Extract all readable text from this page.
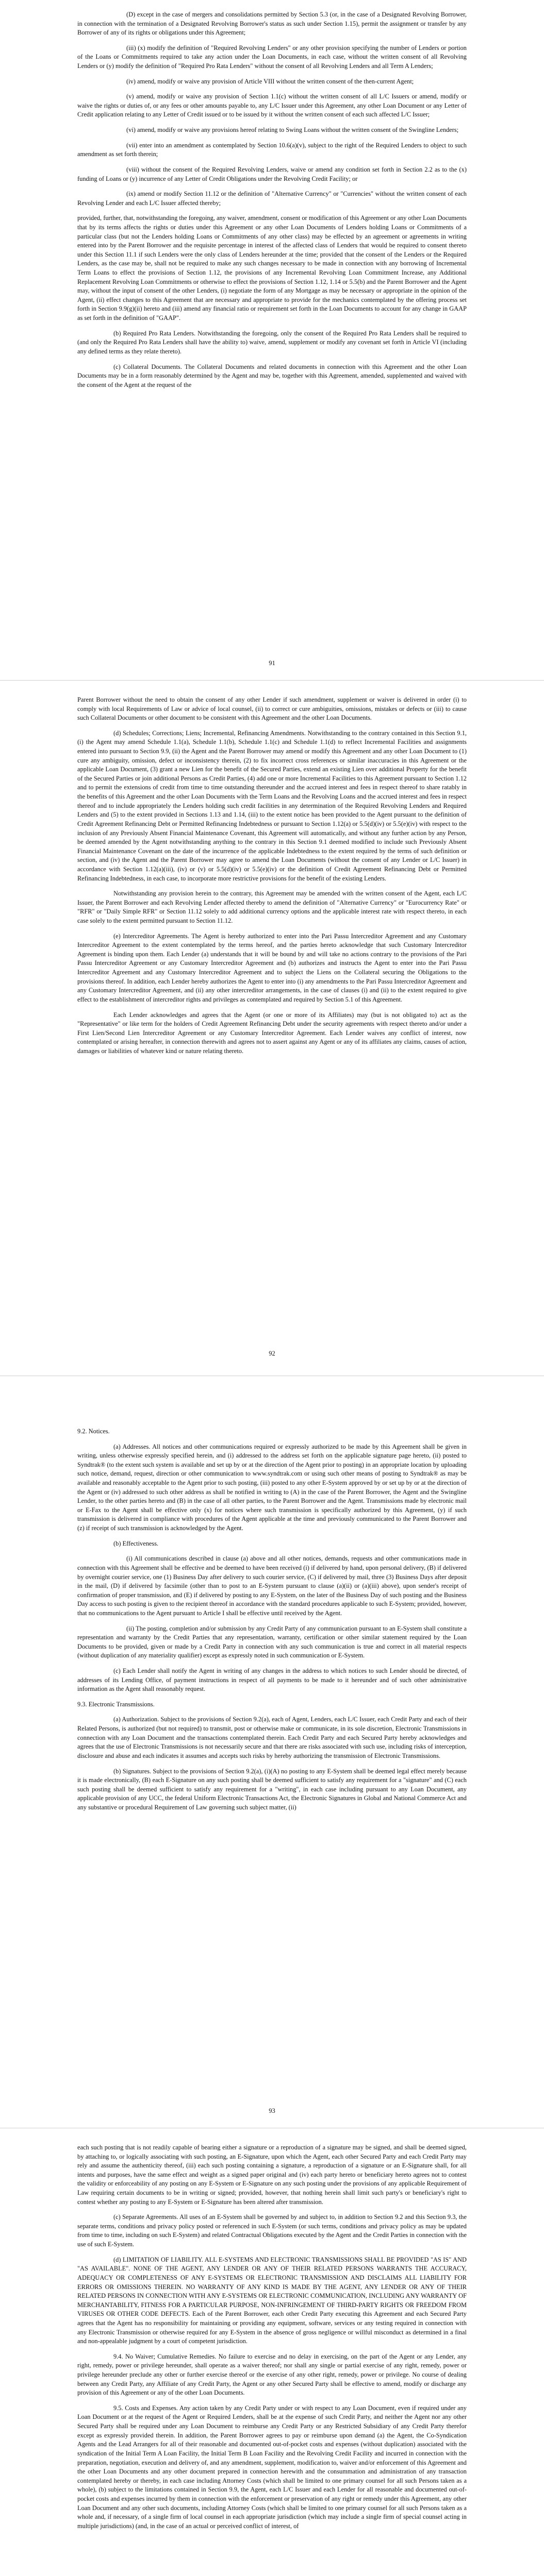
(D) except in the case of mergers and consolidations permitted by Section 5.3 (or, in the case of a Designated Revolving Borrower, in connection with the termination of a Designated Revolving Borrower's status as such under Section 1.15), permit the assignment or transfer by any Borrower of any of its rights or obligations under this Agreement;

(iii) (x) modify the definition of "Required Revolving Lenders" or any other provision specifying the number of Lenders or portion of the Loans or Commitments required to take any action under the Loan Documents, in each case, without the written consent of all Revolving Lenders or (y) modify the definition of "Required Pro Rata Lenders" without the consent of all Revolving Lenders and all Term A Lenders;

(iv) amend, modify or waive any provision of Article VIII without the written consent of the then-current Agent;

(v) amend, modify or waive any provision of Section 1.1(c) without the written consent of all L/C Issuers or amend, modify or waive the rights or duties of, or any fees or other amounts payable to, any L/C Issuer under this Agreement, any other Loan Document or any Letter of Credit application relating to any Letter of Credit issued or to be issued by it without the written consent of each such affected L/C Issuer;

(vi) amend, modify or waive any provisions hereof relating to Swing Loans without the written consent of the Swingline Lenders;

(vii) enter into an amendment as contemplated by Section 10.6(a)(v), subject to the right of the Required Lenders to object to such amendment as set forth therein;

(viii) without the consent of the Required Revolving Lenders, waive or amend any condition set forth in Section 2.2 as to the (x) funding of Loans or (y) incurrence of any Letter of Credit Obligations under the Revolving Credit Facility; or

(ix) amend or modify Section 11.12 or the definition of "Alternative Currency" or "Currencies" without the written consent of each Revolving Lender and each L/C Issuer affected thereby;

provided, further, that, notwithstanding the foregoing, any waiver, amendment, consent or modification of this Agreement or any other Loan Documents that by its terms affects the rights or duties under this Agreement or any other Loan Documents of Lenders holding Loans or Commitments of a particular class (but not the Lenders holding Loans or Commitments of any other class) may be effected by an agreement or agreements in writing entered into by the Parent Borrower and the requisite percentage in interest of the affected class of Lenders that would be required to consent thereto under this Section 11.1 if such Lenders were the only class of Lenders hereunder at the time; provided that the consent of the Lenders or the Required Lenders, as the case may be, shall not be required to make any such changes necessary to be made in connection with any borrowing of Incremental Term Loans to effect the provisions of Section 1.12, the provisions of any Incremental Revolving Loan Commitment Increase, any Additional Replacement Revolving Loan Commitments or otherwise to effect the provisions of Section 1.12, 1.14 or 5.5(b) and the Parent Borrower and the Agent may, without the input of consent of the other Lenders, (i) negotiate the form of any Mortgage as may be necessary or appropriate in the opinion of the Agent, (ii) effect changes to this Agreement that are necessary and appropriate to provide for the mechanics contemplated by the offering process set forth in Section 9.9(g)(ii) hereto and (iii) amend any financial ratio or requirement set forth in the Loan Documents to account for any change in GAAP as set forth in the definition of "GAAP".

(b) Required Pro Rata Lenders. Notwithstanding the foregoing, only the consent of the Required Pro Rata Lenders shall be required to (and only the Required Pro Rata Lenders shall have the ability to) waive, amend, supplement or modify any covenant set forth in Article VI (including any defined terms as they relate thereto).

(c) Collateral Documents. The Collateral Documents and related documents in connection with this Agreement and the other Loan Documents may be in a form reasonably determined by the Agent and may be, together with this Agreement, amended, supplemented and waived with the consent of the Agent at the request of the

91

Parent Borrower without the need to obtain the consent of any other Lender if such amendment, supplement or waiver is delivered in order (i) to comply with local Requirements of Law or advice of local counsel, (ii) to correct or cure ambiguities, omissions, mistakes or defects or (iii) to cause such Collateral Documents or other document to be consistent with this Agreement and the other Loan Documents.

(d) Schedules; Corrections; Liens; Incremental, Refinancing Amendments. Notwithstanding to the contrary contained in this Section 9.1, (i) the Agent may amend Schedule 1.1(a), Schedule 1.1(b), Schedule 1.1(c) and Schedule 1.1(d) to reflect Incremental Facilities and assignments entered into pursuant to Section 9.9, (ii) the Agent and the Parent Borrower may amend or modify this Agreement and any other Loan Document to (1) cure any ambiguity, omission, defect or inconsistency therein, (2) to fix incorrect cross references or similar inaccuracies in this Agreement or the applicable Loan Document, (3) grant a new Lien for the benefit of the Secured Parties, extend an existing Lien over additional Property for the benefit of the Secured Parties or join additional Persons as Credit Parties, (4) add one or more Incremental Facilities to this Agreement pursuant to Section 1.12 and to permit the extensions of credit from time to time outstanding thereunder and the accrued interest and fees in respect thereof to share ratably in the benefits of this Agreement and the other Loan Documents with the Term Loans and the Revolving Loans and the accrued interest and fees in respect thereof and to include appropriately the Lenders holding such credit facilities in any determination of the Required Revolving Lenders and Required Lenders and (5) to the extent provided in Sections 1.13 and 1.14, (iii) to the extent notice has been provided to the Agent pursuant to the definition of Credit Agreement Refinancing Debt or Permitted Refinancing Indebtedness or pursuant to Section 1.12(a) or 5.5(d)(iv) or 5.5(e)(iv) with respect to the inclusion of any Previously Absent Financial Maintenance Covenant, this Agreement will automatically, and without any further action by any Person, be deemed amended by the Agent notwithstanding anything to the contrary in this Section 9.1 deemed modified to include such Previously Absent Financial Maintenance Covenant on the date of the incurrence of the applicable Indebtedness to the extent required by the terms of such definition or section, and (iv) the Agent and the Parent Borrower may agree to amend the Loan Documents (without the consent of any Lender or L/C Issuer) in accordance with Section 1.12(a)(iii), (iv) or (v) or 5.5(d)(iv) or 5.5(e)(iv) or the definition of Credit Agreement Refinancing Debt or Permitted Refinancing Indebtedness, in each case, to incorporate more restrictive provisions for the benefit of the existing Lenders.

Notwithstanding any provision herein to the contrary, this Agreement may be amended with the written consent of the Agent, each L/C Issuer, the Parent Borrower and each Revolving Lender affected thereby to amend the definition of "Alternative Currency" or "Eurocurrency Rate" or "RFR" or "Daily Simple RFR" or Section 11.12 solely to add additional currency options and the applicable interest rate with respect thereto, in each case solely to the extent permitted pursuant to Section 11.12.

(e) Intercreditor Agreements. The Agent is hereby authorized to enter into the Pari Passu Intercreditor Agreement and any Customary Intercreditor Agreement to the extent contemplated by the terms hereof, and the parties hereto acknowledge that such Customary Intercreditor Agreement is binding upon them. Each Lender (a) understands that it will be bound by and will take no actions contrary to the provisions of the Pari Passu Intercreditor Agreement or any Customary Intercreditor Agreement and (b) authorizes and instructs the Agent to enter into the Pari Passu Intercreditor Agreement and any Customary Intercreditor Agreement and to subject the Liens on the Collateral securing the Obligations to the provisions thereof. In addition, each Lender hereby authorizes the Agent to enter into (i) any amendments to the Pari Passu Intercreditor Agreement and any Customary Intercreditor Agreement, and (ii) any other intercreditor arrangements, in the case of clauses (i) and (ii) to the extent required to give effect to the establishment of intercreditor rights and privileges as contemplated and required by Section 5.1 of this Agreement.

Each Lender acknowledges and agrees that the Agent (or one or more of its Affiliates) may (but is not obligated to) act as the "Representative" or like term for the holders of Credit Agreement Refinancing Debt under the security agreements with respect thereto and/or under a First Lien/Second Lien Intercreditor Agreement or any Customary Intercreditor Agreement. Each Lender waives any conflict of interest, now contemplated or arising hereafter, in connection therewith and agrees not to assert against any Agent or any of its affiliates any claims, causes of action, damages or liabilities of whatever kind or nature relating thereto.

92

9.2. Notices.

(a) Addresses. All notices and other communications required or expressly authorized to be made by this Agreement shall be given in writing, unless otherwise expressly specified herein, and (i) addressed to the address set forth on the applicable signature page hereto, (ii) posted to Syndtrak® (to the extent such system is available and set up by or at the direction of the Agent prior to posting) in an appropriate location by uploading such notice, demand, request, direction or other communication to www.syndtrak.com or using such other means of posting to Syndtrak® as may be available and reasonably acceptable to the Agent prior to such posting, (iii) posted to any other E-System approved by or set up by or at the direction of the Agent or (iv) addressed to such other address as shall be notified in writing to (A) in the case of the Parent Borrower, the Agent and the Swingline Lender, to the other parties hereto and (B) in the case of all other parties, to the Parent Borrower and the Agent. Transmissions made by electronic mail or E-Fax to the Agent shall be effective only (x) for notices where such transmission is specifically authorized by this Agreement, (y) if such transmission is delivered in compliance with procedures of the Agent applicable at the time and previously communicated to the Parent Borrower and (z) if receipt of such transmission is acknowledged by the Agent.

(b) Effectiveness.

(i) All communications described in clause (a) above and all other notices, demands, requests and other communications made in connection with this Agreement shall be effective and be deemed to have been received (i) if delivered by hand, upon personal delivery, (B) if delivered by overnight courier service, one (1) Business Day after delivery to such courier service, (C) if delivered by mail, three (3) Business Days after deposit in the mail, (D) if delivered by facsimile (other than to post to an E-System pursuant to clause (a)(ii) or (a)(iii) above), upon sender's receipt of confirmation of proper transmission, and (E) if delivered by posting to any E-System, on the later of the Business Day of such posting and the Business Day access to such posting is given to the recipient thereof in accordance with the standard procedures applicable to such E-System; provided, however, that no communications to the Agent pursuant to Article I shall be effective until received by the Agent.

(ii) The posting, completion and/or submission by any Credit Party of any communication pursuant to an E-System shall constitute a representation and warranty by the Credit Parties that any representation, warranty, certification or other similar statement required by the Loan Documents to be provided, given or made by a Credit Party in connection with any such communication is true and correct in all material respects (without duplication of any materiality qualifier) except as expressly noted in such communication or E-System.

(c) Each Lender shall notify the Agent in writing of any changes in the address to which notices to such Lender should be directed, of addresses of its Lending Office, of payment instructions in respect of all payments to be made to it hereunder and of such other administrative information as the Agent shall reasonably request.

9.3. Electronic Transmissions.

(a) Authorization. Subject to the provisions of Section 9.2(a), each of Agent, Lenders, each L/C Issuer, each Credit Party and each of their Related Persons, is authorized (but not required) to transmit, post or otherwise make or communicate, in its sole discretion, Electronic Transmissions in connection with any Loan Document and the transactions contemplated therein. Each Credit Party and each Secured Party hereby acknowledges and agrees that the use of Electronic Transmissions is not necessarily secure and that there are risks associated with such use, including risks of interception, disclosure and abuse and each indicates it assumes and accepts such risks by hereby authorizing the transmission of Electronic Transmissions.

(b) Signatures. Subject to the provisions of Section 9.2(a), (i)(A) no posting to any E-System shall be deemed legal effect merely because it is made electronically, (B) each E-Signature on any such posting shall be deemed sufficient to satisfy any requirement for a "signature" and (C) each such posting shall be deemed sufficient to satisfy any requirement for a "writing", in each case including pursuant to any Loan Document, any applicable provision of any UCC, the federal Uniform Electronic Transactions Act, the Electronic Signatures in Global and National Commerce Act and any substantive or procedural Requirement of Law governing such subject matter, (ii)

93

each such posting that is not readily capable of bearing either a signature or a reproduction of a signature may be signed, and shall be deemed signed, by attaching to, or logically associating with such posting, an E-Signature, upon which the Agent, each other Secured Party and each Credit Party may rely and assume the authenticity thereof, (iii) each such posting containing a signature, a reproduction of a signature or an E-Signature shall, for all intents and purposes, have the same effect and weight as a signed paper original and (iv) each party hereto or beneficiary hereto agrees not to contest the validity or enforceability of any posting on any E-System or E-Signature on any such posting under the provisions of any applicable Requirement of Law requiring certain documents to be in writing or signed; provided, however, that nothing herein shall limit such party's or beneficiary's right to contest whether any posting to any E-System or E-Signature has been altered after transmission.

(c) Separate Agreements. All uses of an E-System shall be governed by and subject to, in addition to Section 9.2 and this Section 9.3, the separate terms, conditions and privacy policy posted or referenced in such E-System (or such terms, conditions and privacy policy as may be updated from time to time, including on such E-System) and related Contractual Obligations executed by the Agent and the Credit Parties in connection with the use of such E-System.

(d) LIMITATION OF LIABILITY. ALL E-SYSTEMS AND ELECTRONIC TRANSMISSIONS SHALL BE PROVIDED "AS IS" AND "AS AVAILABLE". NONE OF THE AGENT, ANY LENDER OR ANY OF THEIR RELATED PERSONS WARRANTS THE ACCURACY, ADEQUACY OR COMPLETENESS OF ANY E-SYSTEMS OR ELECTRONIC TRANSMISSION AND DISCLAIMS ALL LIABILITY FOR ERRORS OR OMISSIONS THEREIN. NO WARRANTY OF ANY KIND IS MADE BY THE AGENT, ANY LENDER OR ANY OF THEIR RELATED PERSONS IN CONNECTION WITH ANY E-SYSTEMS OR ELECTRONIC COMMUNICATION, INCLUDING ANY WARRANTY OF MERCHANTABILITY, FITNESS FOR A PARTICULAR PURPOSE, NON-INFRINGEMENT OF THIRD-PARTY RIGHTS OR FREEDOM FROM VIRUSES OR OTHER CODE DEFECTS. Each of the Parent Borrower, each other Credit Party executing this Agreement and each Secured Party agrees that the Agent has no responsibility for maintaining or providing any equipment, software, services or any testing required in connection with any Electronic Transmission or otherwise required for any E-System in the absence of gross negligence or willful misconduct as determined in a final and non-appealable judgment by a court of competent jurisdiction.

9.4. No Waiver; Cumulative Remedies. No failure to exercise and no delay in exercising, on the part of the Agent or any Lender, any right, remedy, power or privilege hereunder, shall operate as a waiver thereof; nor shall any single or partial exercise of any right, remedy, power or privilege hereunder preclude any other or further exercise thereof or the exercise of any other right, remedy, power or privilege. No course of dealing between any Credit Party, any Affiliate of any Credit Party, the Agent or any other Secured Party shall be effective to amend, modify or discharge any provision of this Agreement or any of the other Loan Documents.

9.5. Costs and Expenses. Any action taken by any Credit Party under or with respect to any Loan Document, even if required under any Loan Document or at the request of the Agent or Required Lenders, shall be at the expense of such Credit Party, and neither the Agent nor any other Secured Party shall be required under any Loan Document to reimburse any Credit Party or any Restricted Subsidiary of any Credit Party therefor except as expressly provided therein. In addition, the Parent Borrower agrees to pay or reimburse upon demand (a) the Agent, the Co-Syndication Agents and the Lead Arrangers for all of their reasonable and documented out-of-pocket costs and expenses (without duplication) associated with the syndication of the Initial Term A Loan Facility, the Initial Term B Loan Facility and the Revolving Credit Facility and incurred in connection with the preparation, negotiation, execution and delivery of, and any amendment, supplement, modification to, waiver and/or enforcement of this Agreement and the other Loan Documents and any other document prepared in connection herewith and the consummation and administration of any transaction contemplated hereby or thereby, in each case including Attorney Costs (which shall be limited to one primary counsel for all such Persons taken as a whole), (b) subject to the limitations contained in Section 9.9, the Agent, each L/C Issuer and each Lender for all reasonable and documented out-of-pocket costs and expenses incurred by them in connection with the enforcement or preservation of any right or remedy under this Agreement, any other Loan Document and any other such documents, including Attorney Costs (which shall be limited to one primary counsel for all such Persons taken as a whole and, if necessary, of a single firm of local counsel in each appropriate jurisdiction (which may include a single firm of special counsel acting in multiple jurisdictions) (and, in the case of an actual or perceived conflict of interest, of
